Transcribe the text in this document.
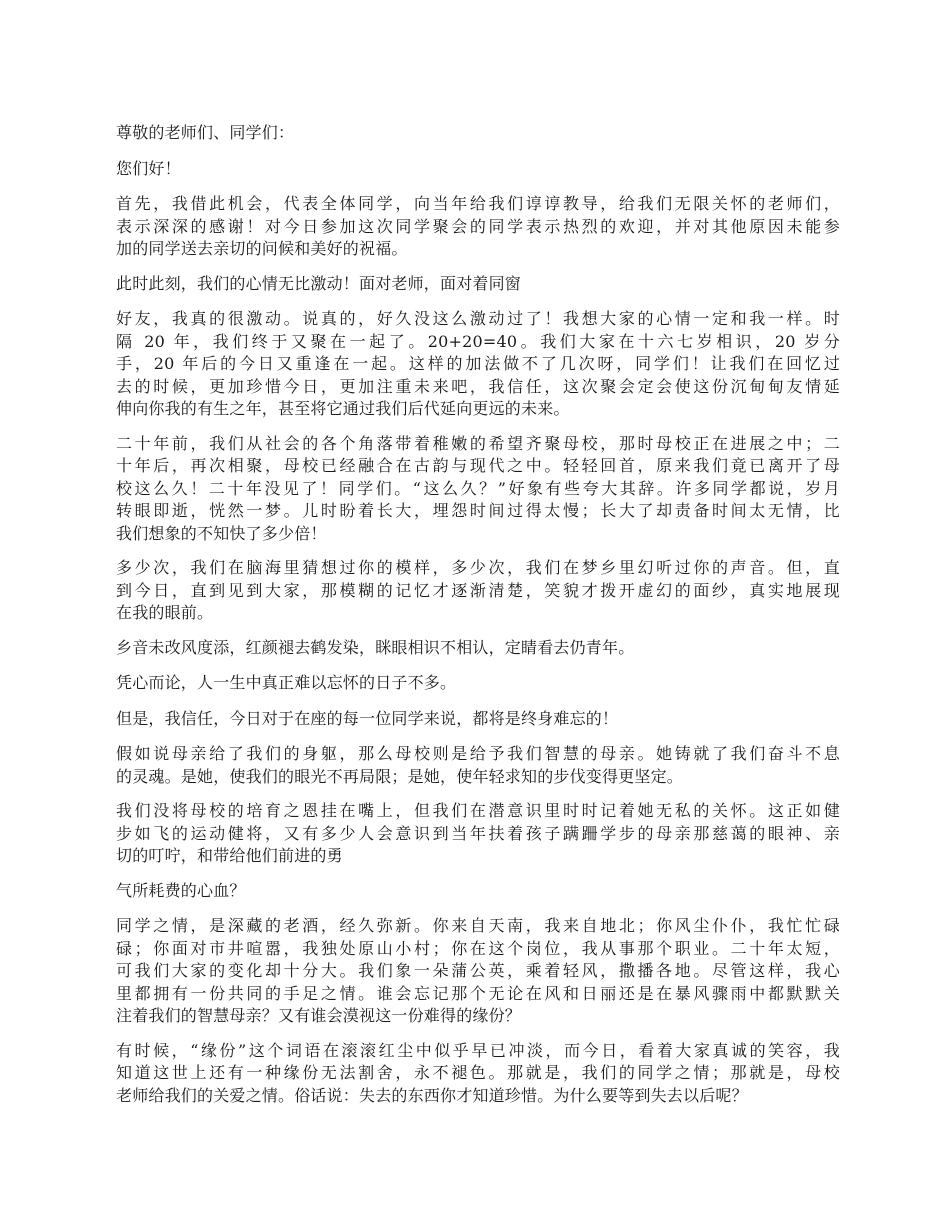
尊敬的老师们、同学们：

您们好！

首先，我借此机会，代表全体同学，向当年给我们谆谆教导，给我们无限关怀的老师们，
表示深深的感谢！对今日参加这次同学聚会的同学表示热烈的欢迎，并对其他原因未能参
加的同学送去亲切的问候和美好的祝福。

此时此刻，我们的心情无比激动！面对老师，面对着同窗

好友，我真的很激动。说真的，好久没这么激动过了！我想大家的心情一定和我一样。时
隔 20 年，我们终于又聚在一起了。20+20=40。我们大家在十六七岁相识，20 岁分
手，20 年后的今日又重逢在一起。这样的加法做不了几次呀，同学们！让我们在回忆过
去的时候，更加珍惜今日，更加注重未来吧，我信任，这次聚会定会使这份沉甸甸友情延
伸向你我的有生之年，甚至将它通过我们后代延向更远的未来。

二十年前，我们从社会的各个角落带着稚嫩的希望齐聚母校，那时母校正在进展之中；二
十年后，再次相聚，母校已经融合在古韵与现代之中。轻轻回首，原来我们竟已离开了母
校这么久！二十年没见了！同学们。“这么久？”好象有些夸大其辞。许多同学都说，岁月
转眼即逝，恍然一梦。儿时盼着长大，埋怨时间过得太慢；长大了却责备时间太无情，比
我们想象的不知快了多少倍！

多少次，我们在脑海里猜想过你的模样，多少次，我们在梦乡里幻听过你的声音。但，直
到今日，直到见到大家，那模糊的记忆才逐渐清楚，笑貌才拨开虚幻的面纱，真实地展现
在我的眼前。

乡音未改风度添，红颜褪去鹤发染，眯眼相识不相认，定睛看去仍青年。

凭心而论，人一生中真正难以忘怀的日子不多。

但是，我信任，今日对于在座的每一位同学来说，都将是终身难忘的！

假如说母亲给了我们的身躯，那么母校则是给予我们智慧的母亲。她铸就了我们奋斗不息
的灵魂。是她，使我们的眼光不再局限；是她，使年轻求知的步伐变得更坚定。

我们没将母校的培育之恩挂在嘴上，但我们在潜意识里时时记着她无私的关怀。这正如健
步如飞的运动健将，又有多少人会意识到当年扶着孩子蹒跚学步的母亲那慈蔼的眼神、亲
切的叮咛，和带给他们前进的勇

气所耗费的心血？

同学之情，是深藏的老酒，经久弥新。你来自天南，我来自地北；你风尘仆仆，我忙忙碌
碌；你面对市井喧嚣，我独处原山小村；你在这个岗位，我从事那个职业。二十年太短，
可我们大家的变化却十分大。我们象一朵蒲公英，乘着轻风，撒播各地。尽管这样，我心
里都拥有一份共同的手足之情。谁会忘记那个无论在风和日丽还是在暴风骤雨中都默默关
注着我们的智慧母亲？又有谁会漠视这一份难得的缘份？

有时候，“缘份”这个词语在滚滚红尘中似乎早已冲淡，而今日，看着大家真诚的笑容，我
知道这世上还有一种缘份无法割舍，永不褪色。那就是，我们的同学之情；那就是，母校
老师给我们的关爱之情。俗话说：失去的东西你才知道珍惜。为什么要等到失去以后呢？
